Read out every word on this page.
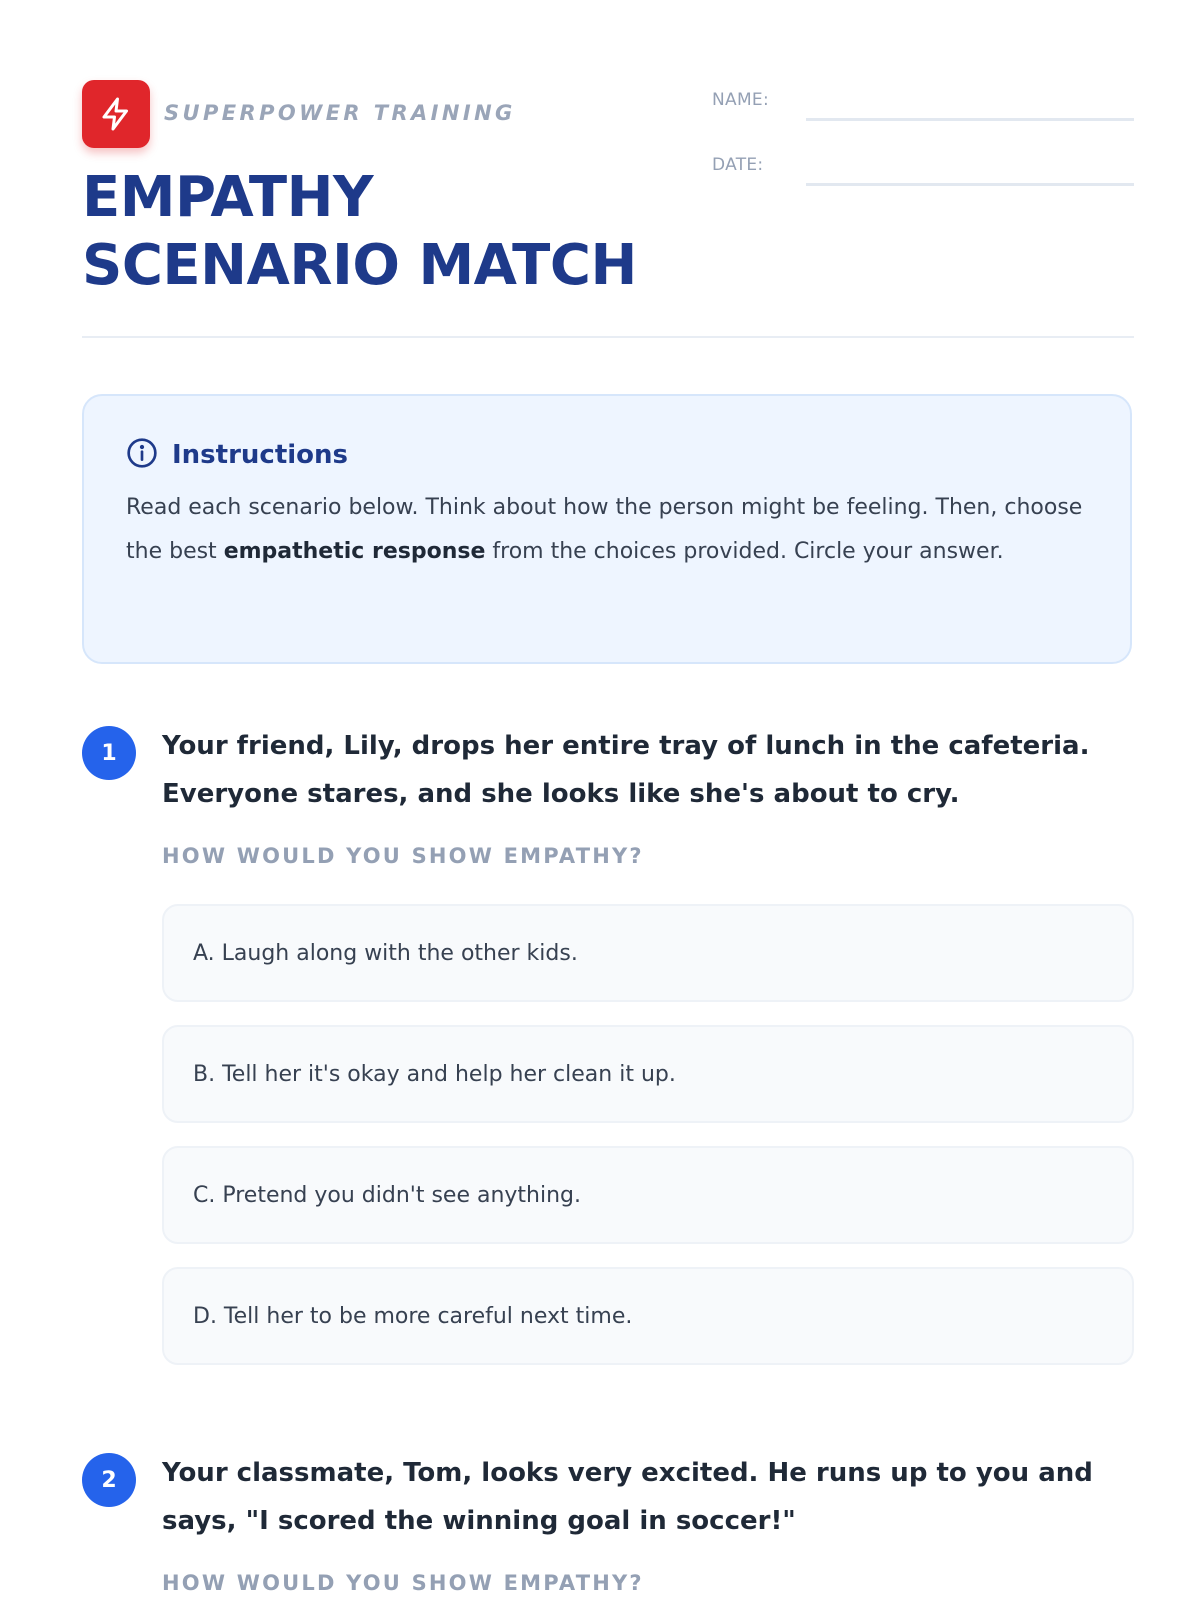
SUPERPOWER TRAINING
EMPATHY
SCENARIO MATCH
NAME:
DATE:
Instructions

Read each scenario below. Think about how the person might be feeling. Then, choose the best empathetic response from the choices provided. Circle your answer.

1	Your friend, Lily, drops her entire tray of lunch in the cafeteria. Everyone stares, and she looks like she's about to cry.

HOW WOULD YOU SHOW EMPATHY?
A. Laugh along with the other kids.
B. Tell her it's okay and help her clean it up.
C. Pretend you didn't see anything.
D. Tell her to be more careful next time.
2	Your classmate, Tom, looks very excited. He runs up to you and says, "I scored the winning goal in soccer!"

HOW WOULD YOU SHOW EMPATHY?
